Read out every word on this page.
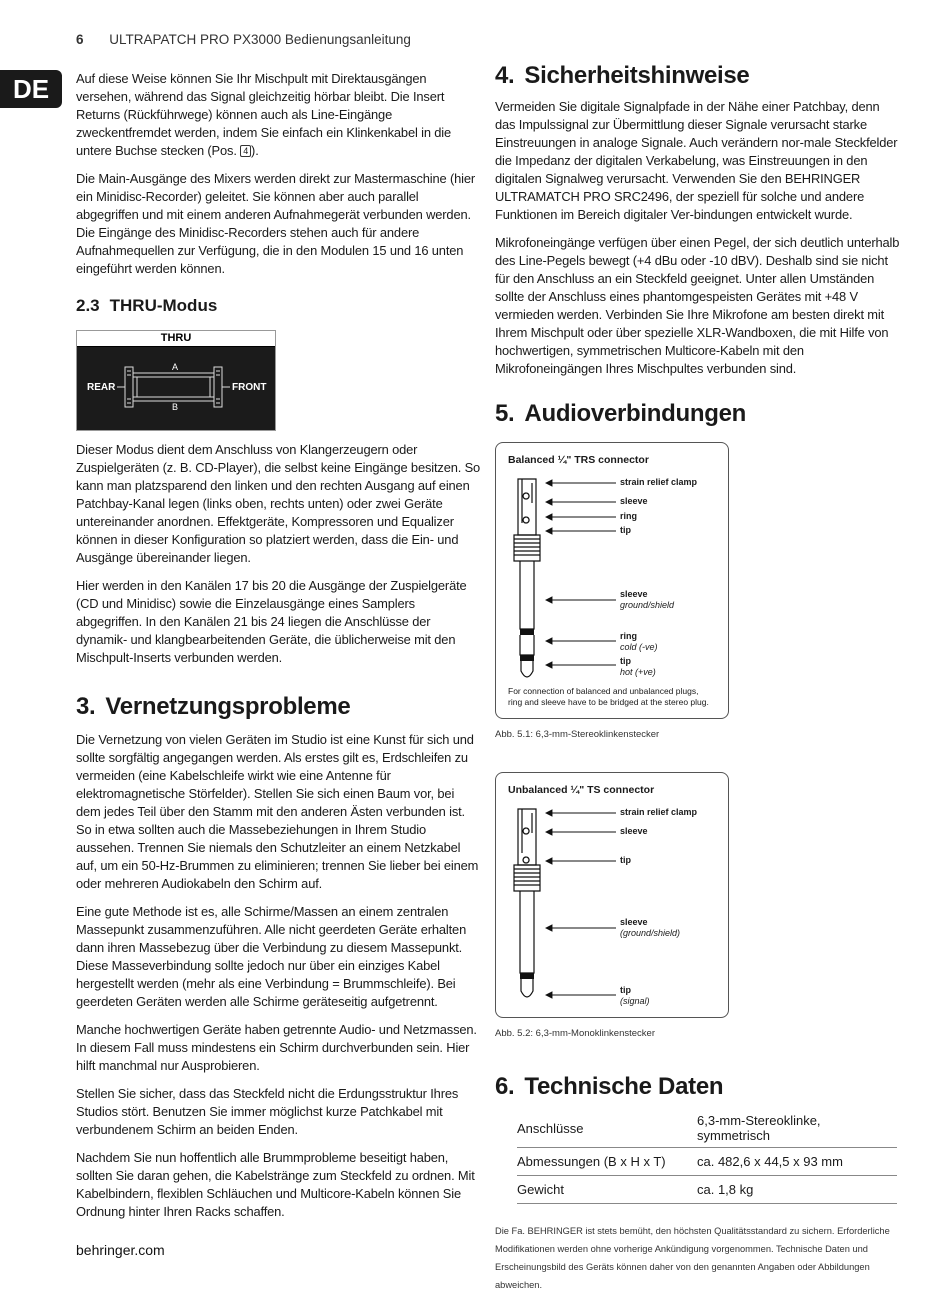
6 ULTRAPATCH PRO PX3000 Bedienungsanleitung
DE	Auf diese Weise können Sie Ihr Mischpult mit Direktausgängen versehen, während das Signal gleichzeitig hörbar bleibt. Die Insert Returns (Rückführwege) können auch als Line-Eingänge zweckentfremdet werden, indem Sie einfach ein Klinkenkabel in die untere Buchse stecken (Pos. 4 ).

Die Main-Ausgänge des Mixers werden direkt zur Mastermaschine (hier ein Minidisc-Recorder) geleitet. Sie können aber auch parallel abgegriffen und mit einem anderen Aufnahmegerät verbunden werden. Die Eingänge des Minidisc-Recorders stehen auch für andere Aufnahmequellen zur Verfügung, die in den Modulen 15 und 16 unten eingeführt werden können.

2.3 THRU-Modus
THRU
A
B
REAR	FRONT

Dieser Modus dient dem Anschluss von Klangerzeugern oder Zuspielgeräten (z. B. CD-Player), die selbst keine Eingänge besitzen. So kann man platzsparend den linken und den rechten Ausgang auf einen Patchbay-Kanal legen (links oben, rechts unten) oder zwei Geräte untereinander anordnen. Effektgeräte, Kompressoren und Equalizer können in dieser Konfiguration so platziert werden, dass die Ein- und Ausgänge übereinander liegen.

Hier werden in den Kanälen 17 bis 20 die Ausgänge der Zuspielgeräte (CD und Minidisc) sowie die Einzelausgänge eines Samplers abgegriffen. In den Kanälen 21 bis 24 liegen die Anschlüsse der dynamik- und klangbearbeitenden Geräte, die üblicherweise mit den Mischpult-Inserts verbunden werden.

3. Vernetzungsprobleme

Die Vernetzung von vielen Geräten im Studio ist eine Kunst für sich und sollte sorgfältig angegangen werden. Als erstes gilt es, Erdschleifen zu vermeiden (eine Kabelschleife wirkt wie eine Antenne für elektromagnetische Störfelder). Stellen Sie sich einen Baum vor, bei dem jedes Teil über den Stamm mit den anderen Ästen verbunden ist. So in etwa sollten auch die Massebeziehungen in Ihrem Studio aussehen. Trennen Sie niemals den Schutzleiter an einem Netzkabel auf, um ein 50-Hz-Brummen zu eliminieren; trennen Sie lieber bei einem oder mehreren Audiokabeln den Schirm auf.

Eine gute Methode ist es, alle Schirme/Massen an einem zentralen Massepunkt zusammenzuführen. Alle nicht geerdeten Geräte erhalten dann ihren Massebezug über die Verbindung zu diesem Massepunkt. Diese Masseverbindung sollte jedoch nur über ein einziges Kabel hergestellt werden (mehr als eine Verbindung = Brummschleife). Bei geerdeten Geräten werden alle Schirme geräteseitig aufgetrennt.

Manche hochwertigen Geräte haben getrennte Audio- und Netzmassen. In diesem Fall muss mindestens ein Schirm durchverbunden sein. Hier hilft manchmal nur Ausprobieren.

Stellen Sie sicher, dass das Steckfeld nicht die Erdungsstruktur Ihres Studios stört. Benutzen Sie immer möglichst kurze Patchkabel mit verbundenem Schirm an beiden Enden.

Nachdem Sie nun hoffentlich alle Brummprobleme beseitigt haben, sollten Sie daran gehen, die Kabelstränge zum Steckfeld zu ordnen. Mit Kabelbindern, flexiblen Schläuchen und Multicore-Kabeln können Sie Ordnung hinter Ihren Racks schaffen.

4. Sicherheitshinweise

Vermeiden Sie digitale Signalpfade in der Nähe einer Patchbay, denn das Impulssignal zur Übermittlung dieser Signale verursacht starke Einstreuungen in analoge Signale. Auch verändern nor-male Steckfelder die Impedanz der digitalen Verkabelung, was Einstreuungen in den digitalen Signalweg verursacht. Verwenden Sie den BEHRINGER ULTRAMATCH PRO SRC2496, der speziell für solche und andere Funktionen im Bereich digitaler Ver-bindungen entwickelt wurde.

Mikrofoneingänge verfügen über einen Pegel, der sich deutlich unterhalb des Line-Pegels bewegt (+4 dBu oder -10 dBV). Deshalb sind sie nicht für den Anschluss an ein Steckfeld geeignet. Unter allen Umständen sollte der Anschluss eines phantomgespeisten Gerätes mit +48 V vermieden werden. Verbinden Sie Ihre Mikrofone am besten direkt mit Ihrem Mischpult oder über spezielle XLR-Wandboxen, die mit Hilfe von hochwertigen, symmetrischen Multicore-Kabeln mit den Mikrofoneingängen Ihres Mischpultes verbunden sind.

5. Audioverbindungen
Balanced ¼" TRS connector
strain relief clamp
sleeve
ring
tip
sleeve
ground/shield
ring
cold (-ve)
tip
hot (+ve)
For connection of balanced and unbalanced plugs,
ring and sleeve have to be bridged at the stereo plug.
Abb. 5.1: 6,3-mm-Stereoklinkenstecker
Unbalanced ¼" TS connector
strain relief clamp
sleeve
tip
sleeve
(ground/shield)
tip
(signal)
Abb. 5.2: 6,3-mm-Monoklinkenstecker
6. Technische Daten
Anschlüsse	6,3-mm-Stereoklinke, symmetrisch
Abmessungen (B x H x T)	ca. 482,6 x 44,5 x 93 mm
Gewicht	ca. 1,8 kg
Die Fa. BEHRINGER ist stets bemüht, den höchsten Qualitätsstandard zu sichern. Erforderliche Modifikationen werden ohne vorherige Ankündigung vorgenommen. Technische Daten und Erscheinungsbild des Geräts können daher von den genannten Angaben oder Abbildungen abweichen.
behringer.com
